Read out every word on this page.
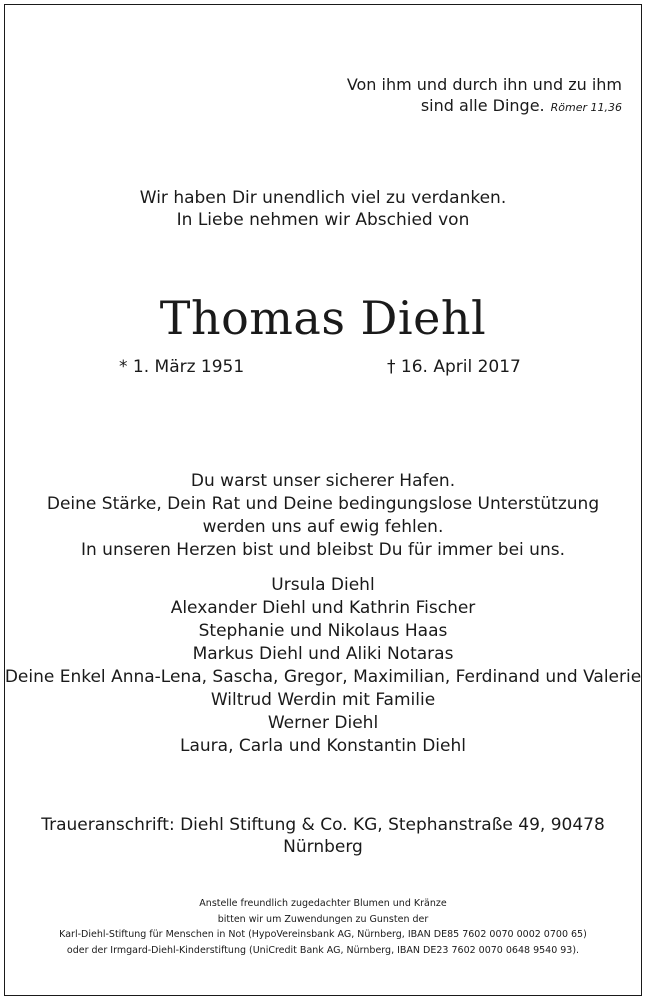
Von ihm und durch ihn und zu ihm
sind alle Dinge. Römer 11,36
Wir haben Dir unendlich viel zu verdanken.
In Liebe nehmen wir Abschied von
Thomas Diehl
* 1. März 1951	† 16. April 2017
Du warst unser sicherer Hafen.
Deine Stärke, Dein Rat und Deine bedingungslose Unterstützung
werden uns auf ewig fehlen.
In unseren Herzen bist und bleibst Du für immer bei uns.
Ursula Diehl
Alexander Diehl und Kathrin Fischer
Stephanie und Nikolaus Haas
Markus Diehl und Aliki Notaras
Deine Enkel Anna-Lena, Sascha, Gregor, Maximilian, Ferdinand und Valerie
Wiltrud Werdin mit Familie
Werner Diehl
Laura, Carla und Konstantin Diehl
Traueranschrift: Diehl Stiftung & Co. KG, Stephanstraße 49, 90478 Nürnberg
Anstelle freundlich zugedachter Blumen und Kränze
bitten wir um Zuwendungen zu Gunsten der
Karl-Diehl-Stiftung für Menschen in Not (HypoVereinsbank AG, Nürnberg, IBAN DE85 7602 0070 0002 0700 65)
oder der Irmgard-Diehl-Kinderstiftung (UniCredit Bank AG, Nürnberg, IBAN DE23 7602 0070 0648 9540 93).
